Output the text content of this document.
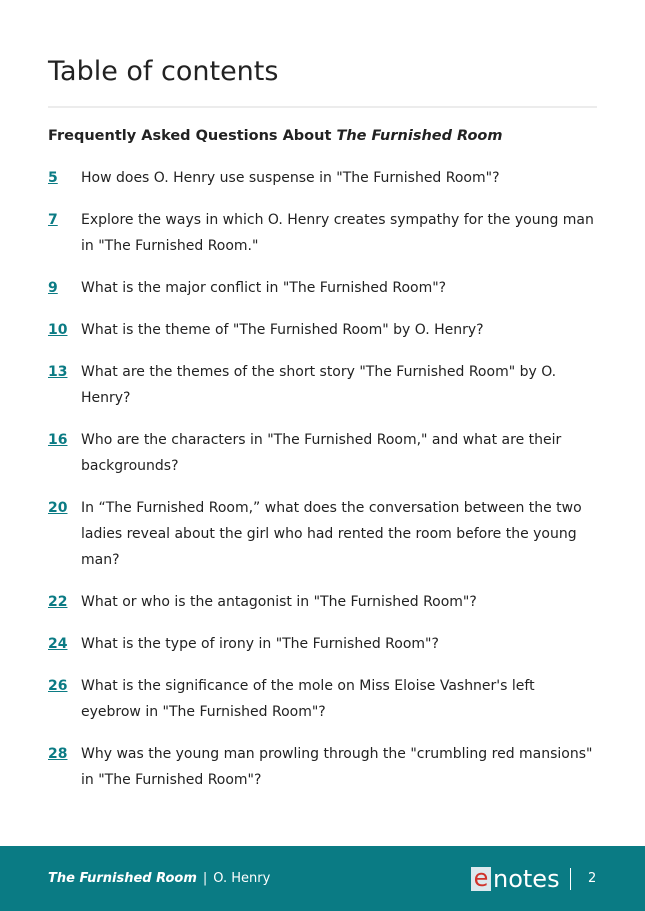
Table of contents
Frequently Asked Questions About The Furnished Room
5	How does O. Henry use suspense in "The Furnished Room"?
7	Explore the ways in which O. Henry creates sympathy for the young man in "The Furnished Room."
9	What is the major conflict in "The Furnished Room"?
10 What is the theme of "The Furnished Room" by O. Henry?
13 What are the themes of the short story "The Furnished Room" by O. Henry?
16 Who are the characters in "The Furnished Room," and what are their backgrounds?
20 In “The Furnished Room,” what does the conversation between the two ladies reveal about the girl who had rented the room before the young man?
22 What or who is the antagonist in "The Furnished Room"?
24 What is the type of irony in "The Furnished Room"?
26 What is the significance of the mole on Miss Eloise Vashner's left eyebrow in "The Furnished Room"?
28 Why was the young man prowling through the "crumbling red mansions" in "The Furnished Room"?
The Furnished Room | O. Henry	e notes 2
